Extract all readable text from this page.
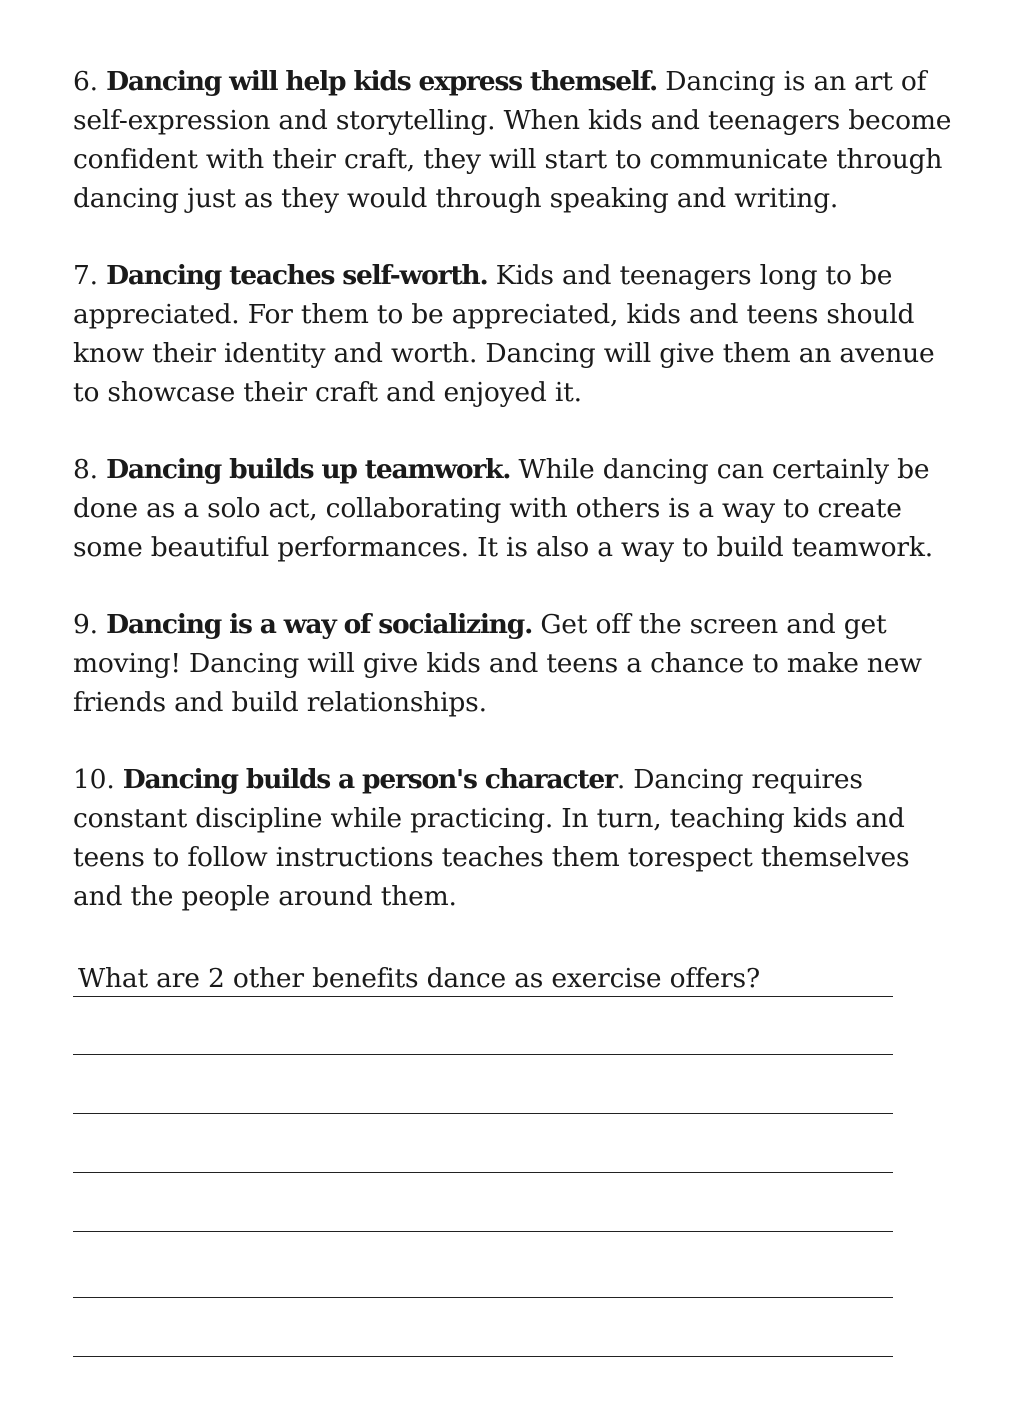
6. Dancing will help kids express themself. Dancing is an art of self-expression and storytelling. When kids and teenagers become confident with their craft, they will start to communicate through dancing just as they would through speaking and writing.

7. Dancing teaches self-worth. Kids and teenagers long to be appreciated. For them to be appreciated, kids and teens should know their identity and worth. Dancing will give them an avenue to showcase their craft and enjoyed it.

8. Dancing builds up teamwork. While dancing can certainly be done as a solo act, collaborating with others is a way to create some beautiful performances. It is also a way to build teamwork.

9. Dancing is a way of socializing. Get off the screen and get moving! Dancing will give kids and teens a chance to make new friends and build relationships.

10. Dancing builds a person's character. Dancing requires constant discipline while practicing. In turn, teaching kids and teens to follow instructions teaches them torespect themselves and the people around them.

What are 2 other benefits dance as exercise offers?
